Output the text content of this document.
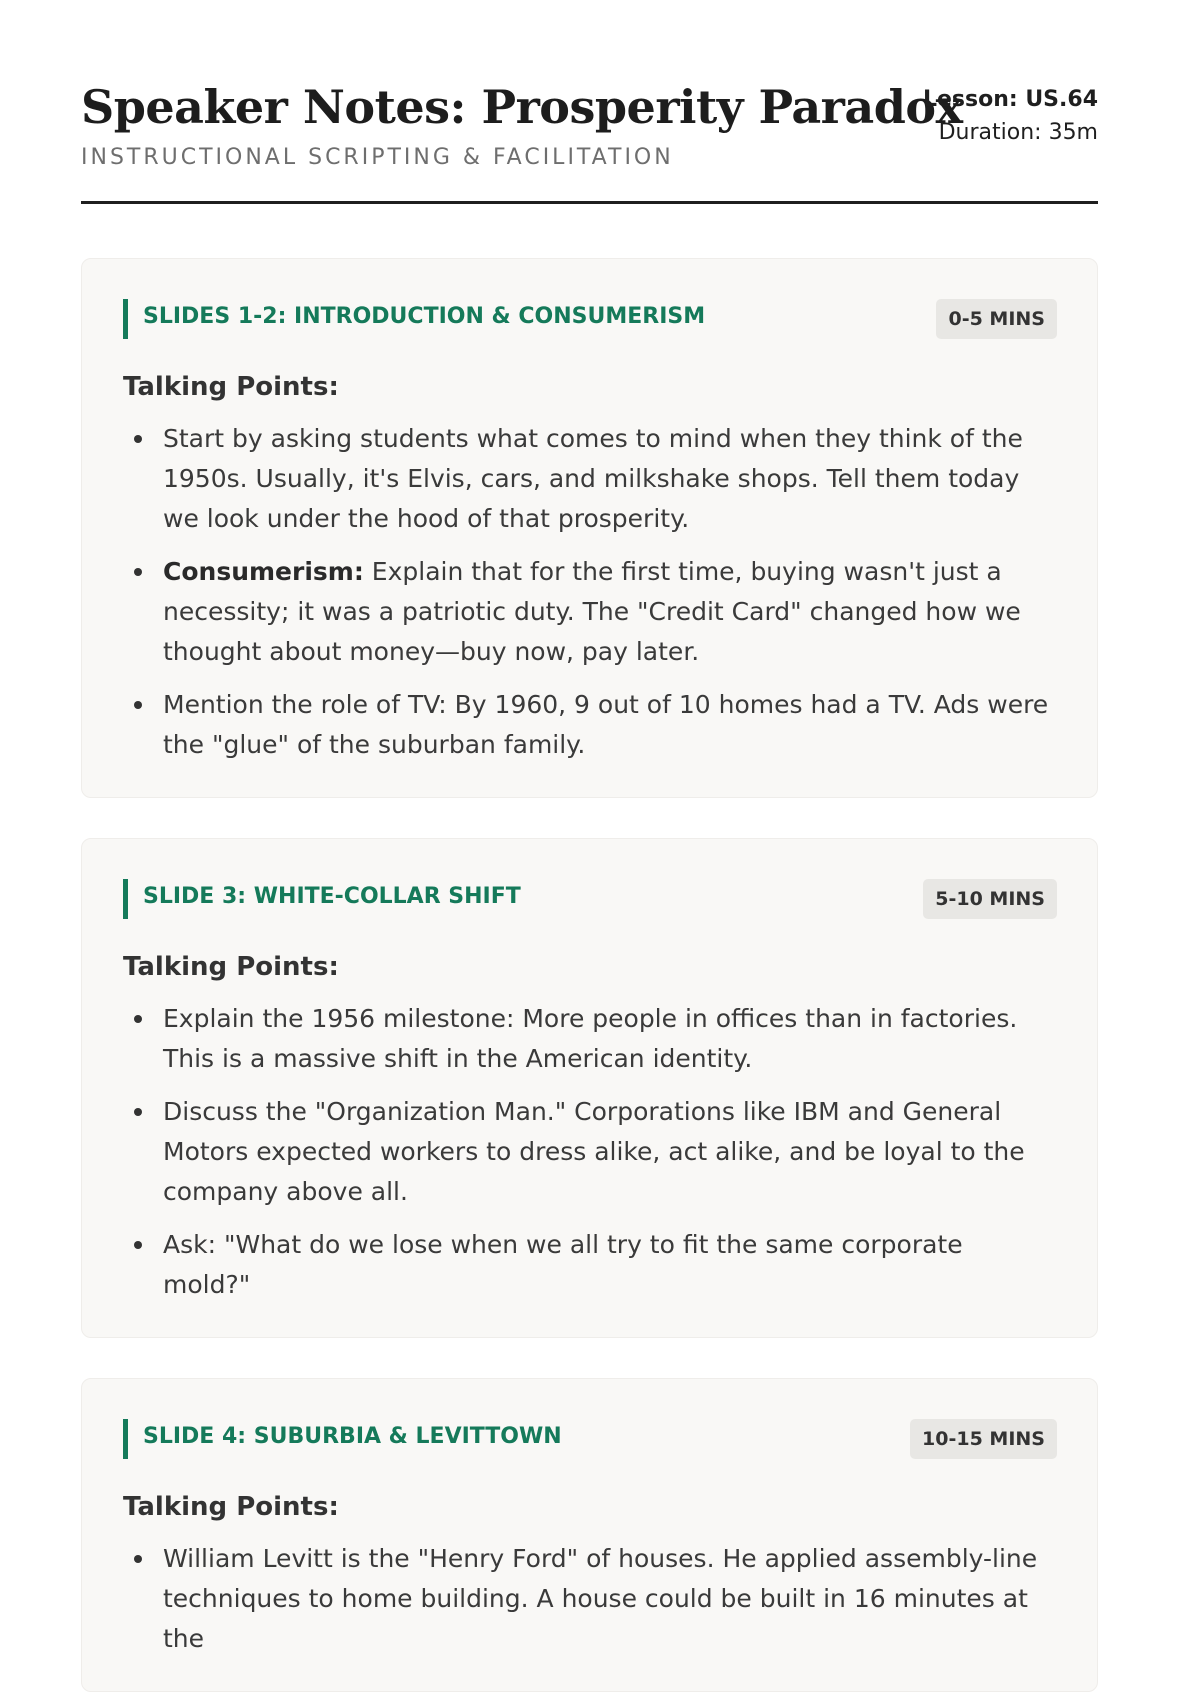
Speaker Notes: Prosperity Paradox
INSTRUCTIONAL SCRIPTING & FACILITATION
Lesson: US.64
Duration: 35m
SLIDES 1-2: INTRODUCTION & CONSUMERISM	0-5 MINS
Talking Points:
Start by asking students what comes to mind when they think of the 1950s. Usually, it's Elvis, cars, and milkshake shops. Tell them today we look under the hood of that prosperity.
Consumerism: Explain that for the first time, buying wasn't just a necessity; it was a patriotic duty. The "Credit Card" changed how we thought about money—buy now, pay later.
Mention the role of TV: By 1960, 9 out of 10 homes had a TV. Ads were the "glue" of the suburban family.
SLIDE 3: WHITE-COLLAR SHIFT	5-10 MINS
Talking Points:
Explain the 1956 milestone: More people in offices than in factories. This is a massive shift in the American identity.
Discuss the "Organization Man." Corporations like IBM and General Motors expected workers to dress alike, act alike, and be loyal to the company above all.
Ask: "What do we lose when we all try to fit the same corporate mold?"
SLIDE 4: SUBURBIA & LEVITTOWN	10-15 MINS
Talking Points:
William Levitt is the "Henry Ford" of houses. He applied assembly-line techniques to home building. A house could be built in 16 minutes at the
